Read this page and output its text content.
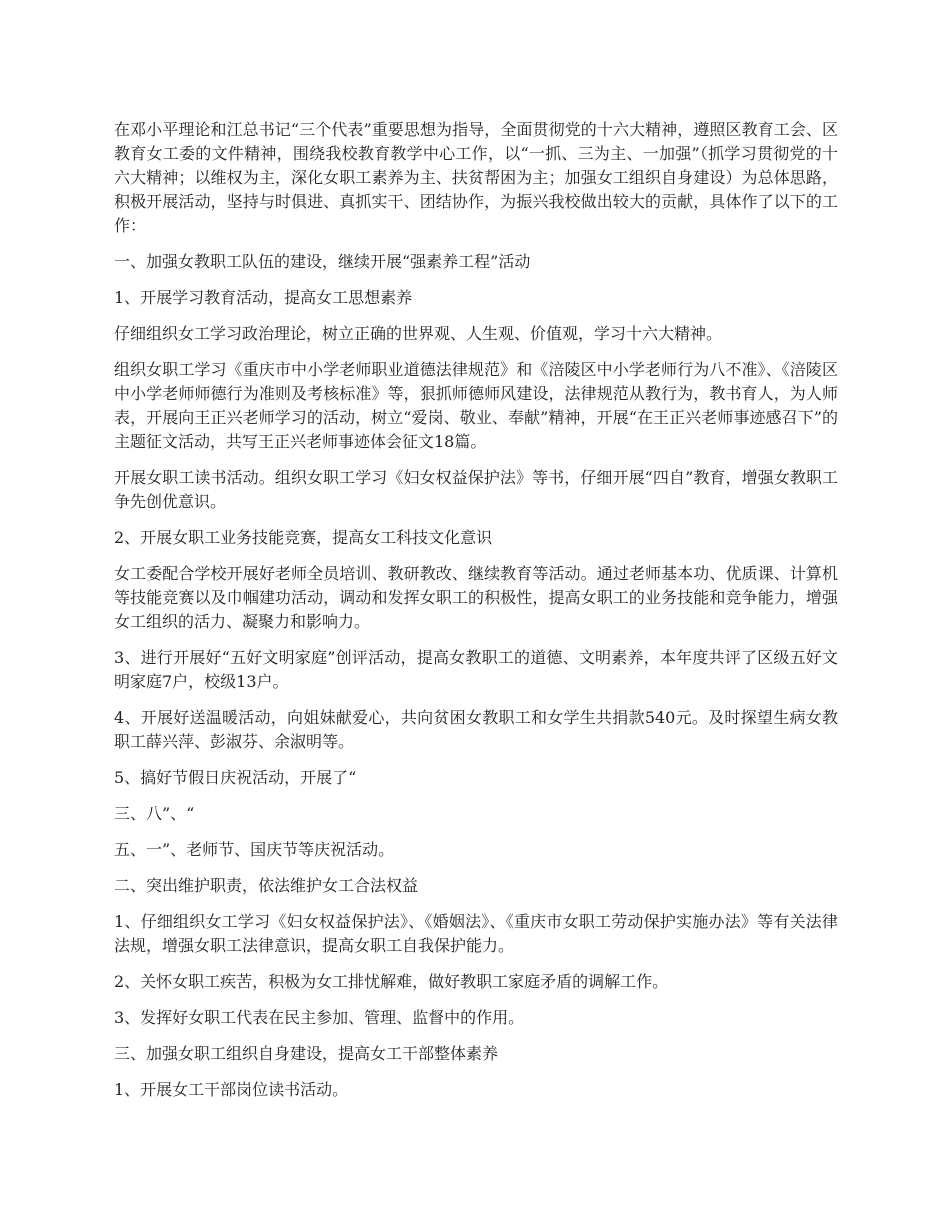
在邓小平理论和江总书记“三个代表”重要思想为指导，全面贯彻党的十六大精神，遵照区教育工会、区教育女工委的文件精神，围绕我校教育教学中心工作，以“一抓、三为主、一加强”（抓学习贯彻党的十六大精神；以维权为主，深化女职工素养为主、扶贫帮困为主；加强女工组织自身建设）为总体思路，积极开展活动，坚持与时俱进、真抓实干、团结协作，为振兴我校做出较大的贡献，具体作了以下的工作：

一、加强女教职工队伍的建设，继续开展“强素养工程”活动

1、开展学习教育活动，提高女工思想素养

仔细组织女工学习政治理论，树立正确的世界观、人生观、价值观，学习十六大精神。

组织女职工学习《重庆市中小学老师职业道德法律规范》和《涪陵区中小学老师行为八不准》、《涪陵区中小学老师师德行为准则及考核标准》等，狠抓师德师风建设，法律规范从教行为，教书育人，为人师表，开展向王正兴老师学习的活动，树立“爱岗、敬业、奉献”精神，开展“在王正兴老师事迹感召下”的主题征文活动，共写王正兴老师事迹体会征文18篇。

开展女职工读书活动。组织女职工学习《妇女权益保护法》等书，仔细开展“四自”教育，增强女教职工争先创优意识。

2、开展女职工业务技能竞赛，提高女工科技文化意识

女工委配合学校开展好老师全员培训、教研教改、继续教育等活动。通过老师基本功、优质课、计算机等技能竞赛以及巾帼建功活动，调动和发挥女职工的积极性，提高女职工的业务技能和竞争能力，增强女工组织的活力、凝聚力和影响力。

3、进行开展好“五好文明家庭”创评活动，提高女教职工的道德、文明素养，本年度共评了区级五好文明家庭7户，校级13户。

4、开展好送温暖活动，向姐妹献爱心，共向贫困女教职工和女学生共捐款540元。及时探望生病女教职工薛兴萍、彭淑芬、余淑明等。

5、搞好节假日庆祝活动，开展了“

三、八”、“

五、一”、老师节、国庆节等庆祝活动。

二、突出维护职责，依法维护女工合法权益

1、仔细组织女工学习《妇女权益保护法》、《婚姻法》、《重庆市女职工劳动保护实施办法》等有关法律法规，增强女职工法律意识，提高女职工自我保护能力。

2、关怀女职工疾苦，积极为女工排忧解难，做好教职工家庭矛盾的调解工作。

3、发挥好女职工代表在民主参加、管理、监督中的作用。

三、加强女职工组织自身建设，提高女工干部整体素养

1、开展女工干部岗位读书活动。
